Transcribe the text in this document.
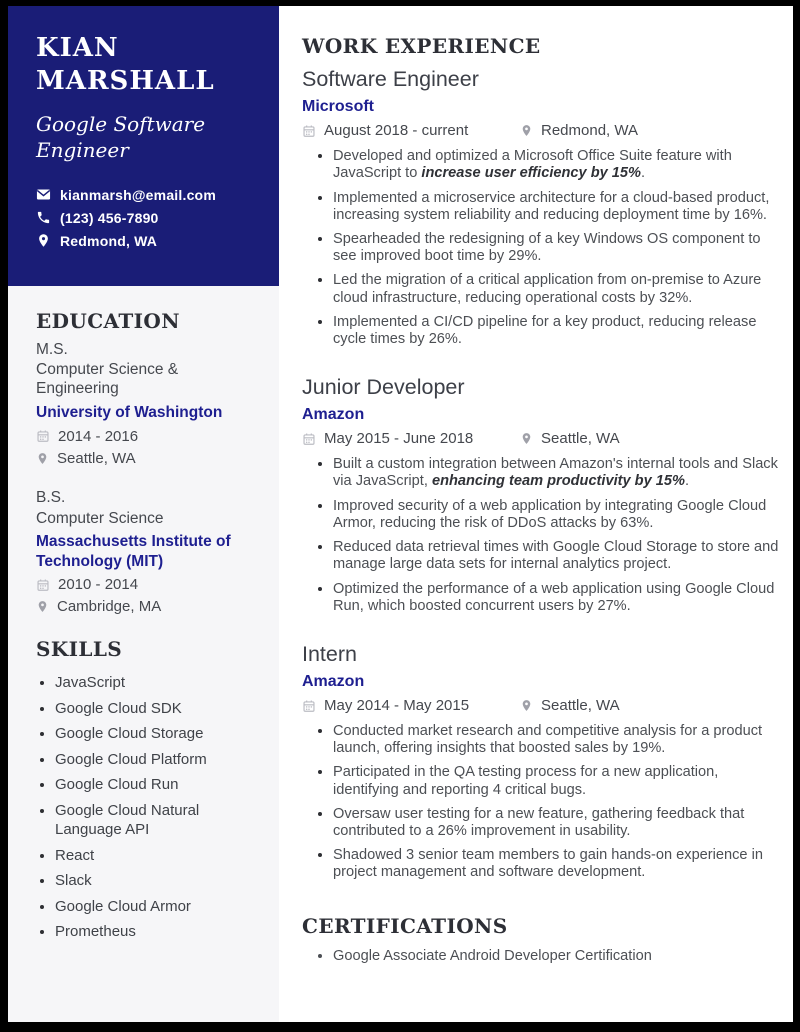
KIAN MARSHALL
Google Software Engineer
kianmarsh@email.com
(123) 456-7890
Redmond, WA
EDUCATION
M.S.
Computer Science & Engineering
University of Washington
2014 - 2016
Seattle, WA
B.S.
Computer Science
Massachusetts Institute of Technology (MIT)
2010 - 2014
Cambridge, MA
SKILLS
• JavaScript
• Google Cloud SDK
• Google Cloud Storage
• Google Cloud Platform
• Google Cloud Run
• Google Cloud Natural Language API
• React
• Slack
• Google Cloud Armor
• Prometheus
WORK EXPERIENCE
Software Engineer
Microsoft
August 2018 - current	Redmond, WA
• Developed and optimized a Microsoft Office Suite feature with JavaScript to increase user efficiency by 15%.
• Implemented a microservice architecture for a cloud-based product, increasing system reliability and reducing deployment time by 16%.
• Spearheaded the redesigning of a key Windows OS component to see improved boot time by 29%.
• Led the migration of a critical application from on-premise to Azure cloud infrastructure, reducing operational costs by 32%.
• Implemented a CI/CD pipeline for a key product, reducing release cycle times by 26%.
Junior Developer
Amazon
May 2015 - June 2018	Seattle, WA
• Built a custom integration between Amazon's internal tools and Slack via JavaScript, enhancing team productivity by 15%.
• Improved security of a web application by integrating Google Cloud Armor, reducing the risk of DDoS attacks by 63%.
• Reduced data retrieval times with Google Cloud Storage to store and manage large data sets for internal analytics project.
• Optimized the performance of a web application using Google Cloud Run, which boosted concurrent users by 27%.
Intern
Amazon
May 2014 - May 2015	Seattle, WA
• Conducted market research and competitive analysis for a product launch, offering insights that boosted sales by 19%.
• Participated in the QA testing process for a new application, identifying and reporting 4 critical bugs.
• Oversaw user testing for a new feature, gathering feedback that contributed to a 26% improvement in usability.
• Shadowed 3 senior team members to gain hands-on experience in project management and software development.
CERTIFICATIONS
• Google Associate Android Developer Certification
